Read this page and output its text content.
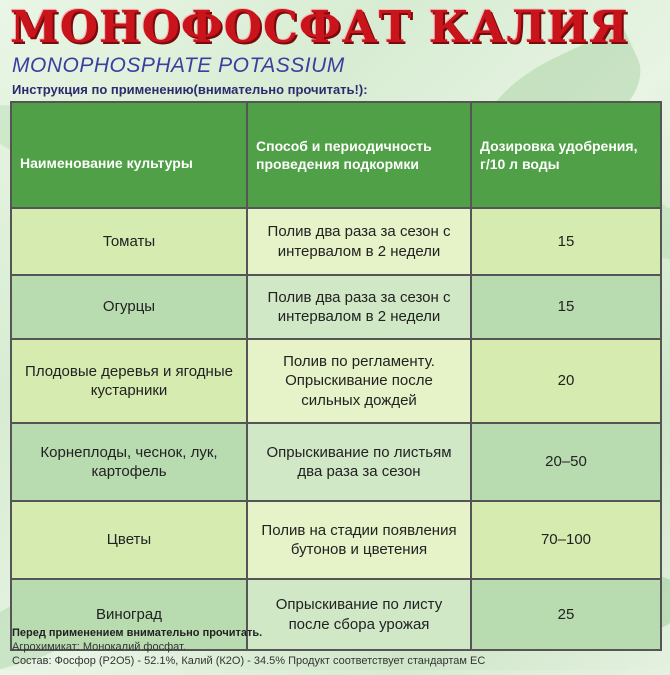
МОНОФОСФАТ КАЛИЯ
MONOPHOSPHATE POTASSIUM
Инструкция по применению(внимательно прочитать!):
Наименование культуры	Способ и периодичность проведения подкормки	Дозировка удобрения, г/10 л воды
Томаты	Полив два раза за сезон с интервалом в 2 недели	15
Огурцы	Полив два раза за сезон с интервалом в 2 недели	15
Плодовые деревья и ягодные кустарники	Полив по регламенту. Опрыскивание после сильных дождей	20
Корнеплоды, чеснок, лук, картофель	Опрыскивание по листьям два раза за сезон	20–50
Цветы	Полив на стадии появления бутонов и цветения	70–100
Виноград	Опрыскивание по листу после сбора урожая	25
Перед применением внимательно прочитать.
Агрохимикат: Монокалий фосфат.
Состав: Фосфор (Р2О5) - 52.1%, Калий (К2О) - 34.5% Продукт соответствует стандартам ЕС
